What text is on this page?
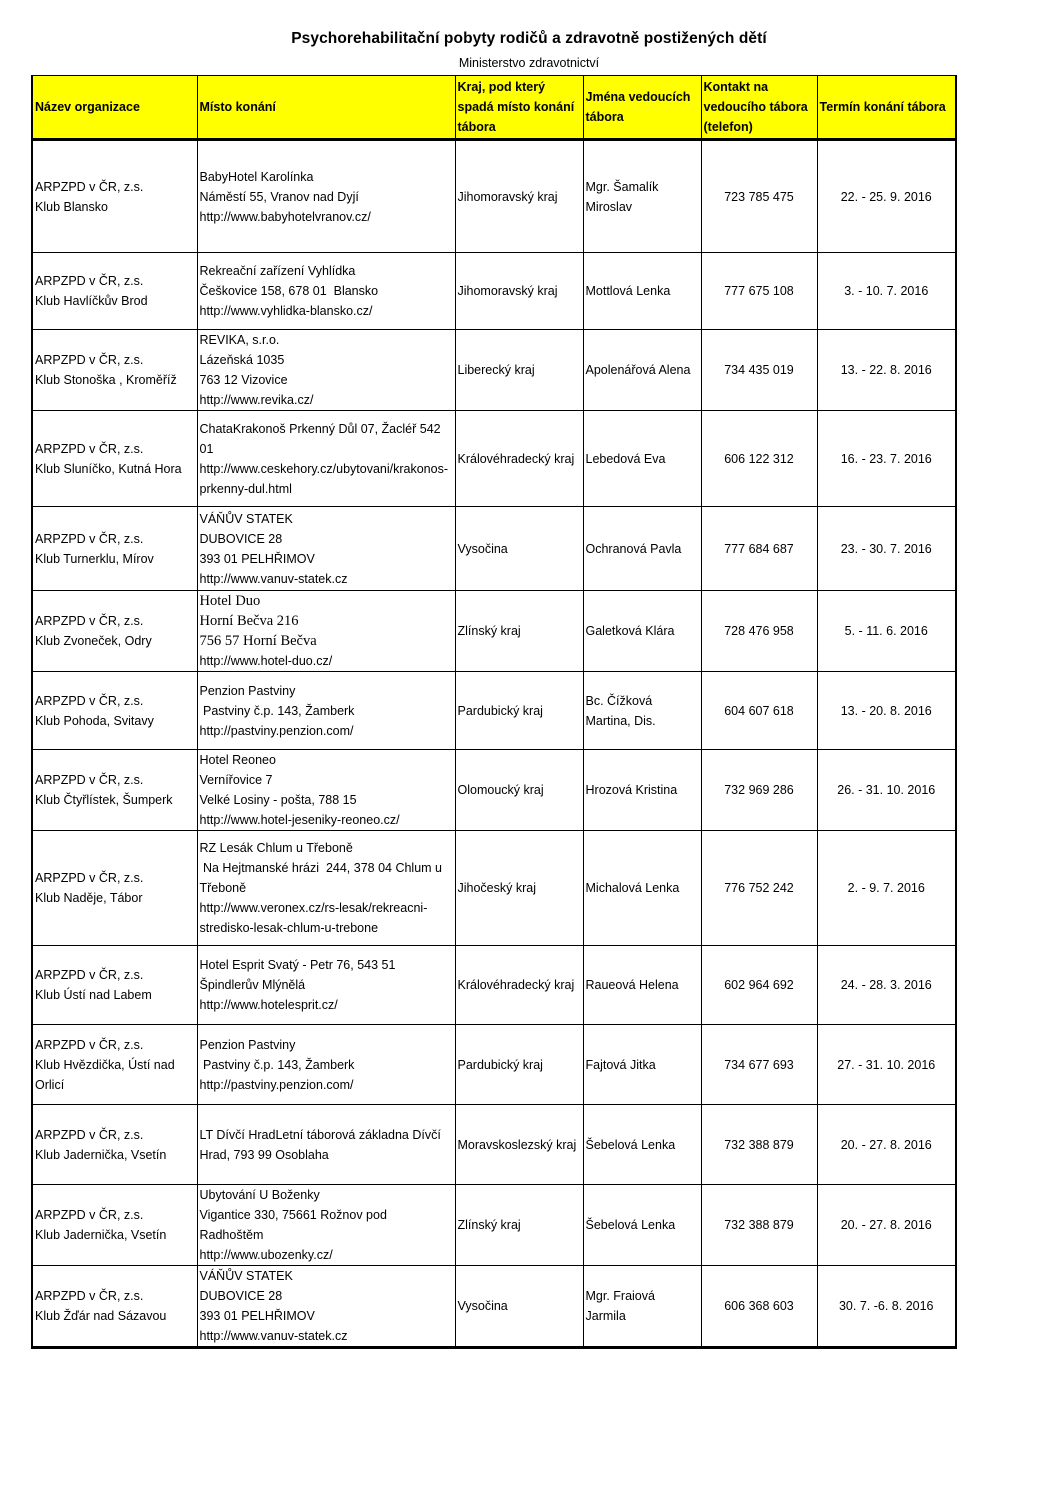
Psychorehabilitační pobyty rodičů a zdravotně postižených dětí
Ministerstvo zdravotnictví
Název organizace	Místo konání	Kraj, pod který spadá místo konání tábora	Jména vedoucích tábora	Kontakt na vedoucího tábora (telefon)	Termín konání tábora

ARPZPD v ČR, z.s.
Klub Blansko	BabyHotel Karolínka
Náměstí 55, Vranov nad Dyjí
http://www.babyhotelvranov.cz/	Jihomoravský kraj	Mgr. Šamalík Miroslav	723 785 475	22. - 25. 9. 2016

ARPZPD v ČR, z.s.
Klub Havlíčkův Brod	Rekreační zařízení Vyhlídka
Češkovice 158, 678 01  Blansko
http://www.vyhlidka-blansko.cz/	Jihomoravský kraj	Mottlová Lenka	777 675 108	3. - 10. 7. 2016

ARPZPD v ČR, z.s.
Klub Stonoška , Kroměříž	REVIKA, s.r.o.
Lázeňská 1035
763 12 Vizovice
http://www.revika.cz/	Liberecký kraj	Apolenářová Alena	734 435 019	13. - 22. 8. 2016

ARPZPD v ČR, z.s.
Klub Sluníčko, Kutná Hora	ChataKrakonoš Prkenný Důl 07, Žacléř 542 01
http://www.ceskehory.cz/ubytovani/krakonos-prkenny-dul.html	Královéhradecký kraj	Lebedová Eva	606 122 312	16. - 23. 7. 2016

ARPZPD v ČR, z.s.
Klub Turnerklu, Mírov	VÁŇŮV STATEK
DUBOVICE 28
393 01 PELHŘIMOV
http://www.vanuv-statek.cz	Vysočina	Ochranová Pavla	777 684 687	23. - 30. 7. 2016

ARPZPD v ČR, z.s.
Klub Zvoneček, Odry	Hotel Duo
Horní Bečva 216
756 57 Horní Bečva
http://www.hotel-duo.cz/	Zlínský kraj	Galetková Klára	728 476 958	5. - 11. 6. 2016

ARPZPD v ČR, z.s.
Klub Pohoda, Svitavy	Penzion Pastviny
Pastviny č.p. 143, Žamberk
http://pastviny.penzion.com/	Pardubický kraj	Bc. Čížková Martina, Dis.	604 607 618	13. - 20. 8. 2016

ARPZPD v ČR, z.s.
Klub Čtyřlístek, Šumperk	Hotel Reoneo
Vernířovice 7
Velké Losiny - pošta, 788 15
http://www.hotel-jeseniky-reoneo.cz/	Olomoucký kraj	Hrozová Kristina	732 969 286	26. - 31. 10. 2016

ARPZPD v ČR, z.s.
Klub Naděje, Tábor	RZ Lesák Chlum u Třeboně
Na Hejtmanské hrázi  244, 378 04 Chlum u Třeboně
http://www.veronex.cz/rs-lesak/rekreacni-stredisko-lesak-chlum-u-trebone	Jihočeský kraj	Michalová Lenka	776 752 242	2. - 9. 7. 2016

ARPZPD v ČR, z.s.
Klub Ústí nad Labem	Hotel Esprit Svatý - Petr 76, 543 51 Špindlerův Mlýnělá
http://www.hotelesprit.cz/	Královéhradecký kraj	Raueová Helena	602 964 692	24. - 28. 3. 2016

ARPZPD v ČR, z.s.
Klub Hvězdička, Ústí nad Orlicí	Penzion Pastviny
Pastviny č.p. 143, Žamberk
http://pastviny.penzion.com/	Pardubický kraj	Fajtová Jitka	734 677 693	27. - 31. 10. 2016

ARPZPD v ČR, z.s.
Klub Jadernička, Vsetín	LT Dívčí HradLetní táborová základna Dívčí Hrad, 793 99 Osoblaha	Moravskoslezský kraj	Šebelová Lenka	732 388 879	20. - 27. 8. 2016

ARPZPD v ČR, z.s.
Klub Jadernička, Vsetín	Ubytování U Boženky
Vigantice 330, 75661 Rožnov pod Radhoštěm
http://www.ubozenky.cz/	Zlínský kraj	Šebelová Lenka	732 388 879	20. - 27. 8. 2016

ARPZPD v ČR, z.s.
Klub Žďár nad Sázavou	VÁŇŮV STATEK
DUBOVICE 28
393 01 PELHŘIMOV
http://www.vanuv-statek.cz	Vysočina	Mgr. Fraiová Jarmila	606 368 603	30. 7. -6. 8. 2016
